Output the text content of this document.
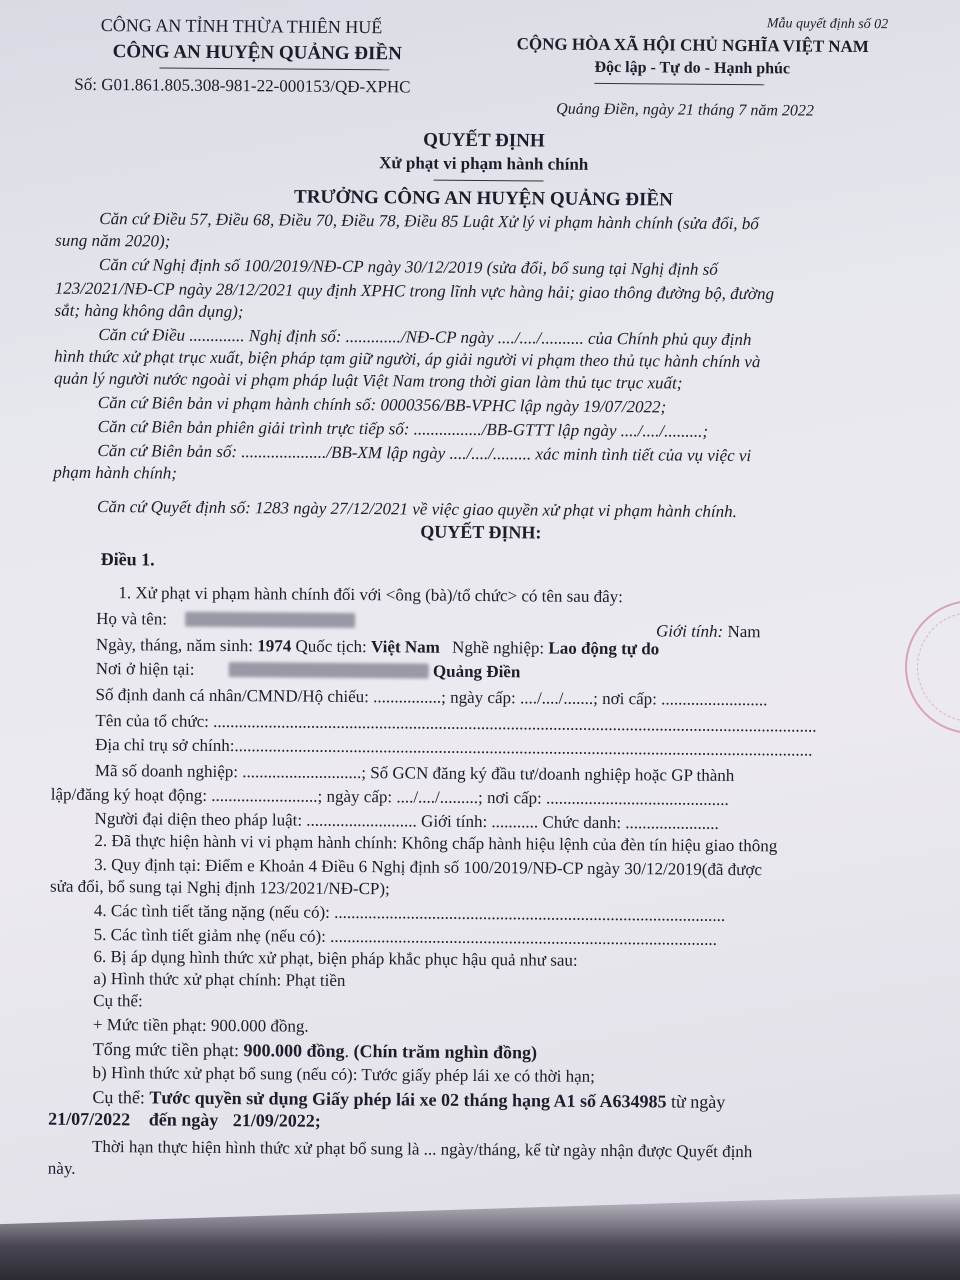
CÔNG AN TỈNH THỪA THIÊN HUẾ
CÔNG AN HUYỆN QUẢNG ĐIỀN
Số: G01.861.805.308-981-22-000153/QĐ-XPHC
Mẫu quyết định số 02
CỘNG HÒA XÃ HỘI CHỦ NGHĨA VIỆT NAM
Độc lập - Tự do - Hạnh phúc
Quảng Điền, ngày 21 tháng 7 năm 2022
QUYẾT ĐỊNH
Xử phạt vi phạm hành chính
TRƯỞNG CÔNG AN HUYỆN QUẢNG ĐIỀN
Căn cứ Điều 57, Điều 68, Điều 70, Điều 78, Điều 85 Luật Xử lý vi phạm hành chính (sửa đổi, bổ
sung năm 2020);
Căn cứ Nghị định số 100/2019/NĐ-CP ngày 30/12/2019 (sửa đổi, bổ sung tại Nghị định số
123/2021/NĐ-CP ngày 28/12/2021 quy định XPHC trong lĩnh vực hàng hải; giao thông đường bộ, đường
sắt; hàng không dân dụng);
Căn cứ Điều ............. Nghị định số: ............./NĐ-CP ngày ..../..../.......... của Chính phủ quy định
hình thức xử phạt trục xuất, biện pháp tạm giữ người, áp giải người vi phạm theo thủ tục hành chính và
quản lý người nước ngoài vi phạm pháp luật Việt Nam trong thời gian làm thủ tục trục xuất;
Căn cứ Biên bản vi phạm hành chính số: 0000356/BB-VPHC lập ngày 19/07/2022;
Căn cứ Biên bản phiên giải trình trực tiếp số: ................/BB-GTTT lập ngày ..../..../.........;
Căn cứ Biên bản số: ..................../BB-XM lập ngày ..../..../......... xác minh tình tiết của vụ việc vi
phạm hành chính;
Căn cứ Quyết định số: 1283 ngày 27/12/2021 về việc giao quyền xử phạt vi phạm hành chính.
QUYẾT ĐỊNH:
Điều 1.
1. Xử phạt vi phạm hành chính đối với <ông (bà)/tổ chức> có tên sau đây:
Họ và tên:
Giới tính: Nam
Ngày, tháng, năm sinh: 1974 Quốc tịch: Việt Nam Nghề nghiệp: Lao động tự do
Nơi ở hiện tại:	Quảng Điền
Số định danh cá nhân/CMND/Hộ chiếu: ................; ngày cấp: ..../..../.......; nơi cấp: .........................
Tên của tổ chức: ..............................................................................................................................................
Địa chỉ trụ sở chính:........................................................................................................................................
Mã số doanh nghiệp: ............................; Số GCN đăng ký đầu tư/doanh nghiệp hoặc GP thành
lập/đăng ký hoạt động: .........................; ngày cấp: ..../..../.........; nơi cấp: ...........................................
Người đại diện theo pháp luật: .......................... Giới tính: ........... Chức danh: ......................
2. Đã thực hiện hành vi vi phạm hành chính: Không chấp hành hiệu lệnh của đèn tín hiệu giao thông
3. Quy định tại: Điểm e Khoản 4 Điều 6 Nghị định số 100/2019/NĐ-CP ngày 30/12/2019(đã được
sửa đổi, bổ sung tại Nghị định 123/2021/NĐ-CP);
4. Các tình tiết tăng nặng (nếu có): ............................................................................................
5. Các tình tiết giảm nhẹ (nếu có): ...........................................................................................
6. Bị áp dụng hình thức xử phạt, biện pháp khắc phục hậu quả như sau:
a) Hình thức xử phạt chính: Phạt tiền
Cụ thể:
+ Mức tiền phạt: 900.000 đồng.
Tổng mức tiền phạt: 900.000 đồng. (Chín trăm nghìn đồng)
b) Hình thức xử phạt bổ sung (nếu có): Tước giấy phép lái xe có thời hạn;
Cụ thể: Tước quyền sử dụng Giấy phép lái xe 02 tháng hạng A1 số A634985 từ ngày
21/07/2022 đến ngày 21/09/2022;
Thời hạn thực hiện hình thức xử phạt bổ sung là ... ngày/tháng, kể từ ngày nhận được Quyết định
này.
